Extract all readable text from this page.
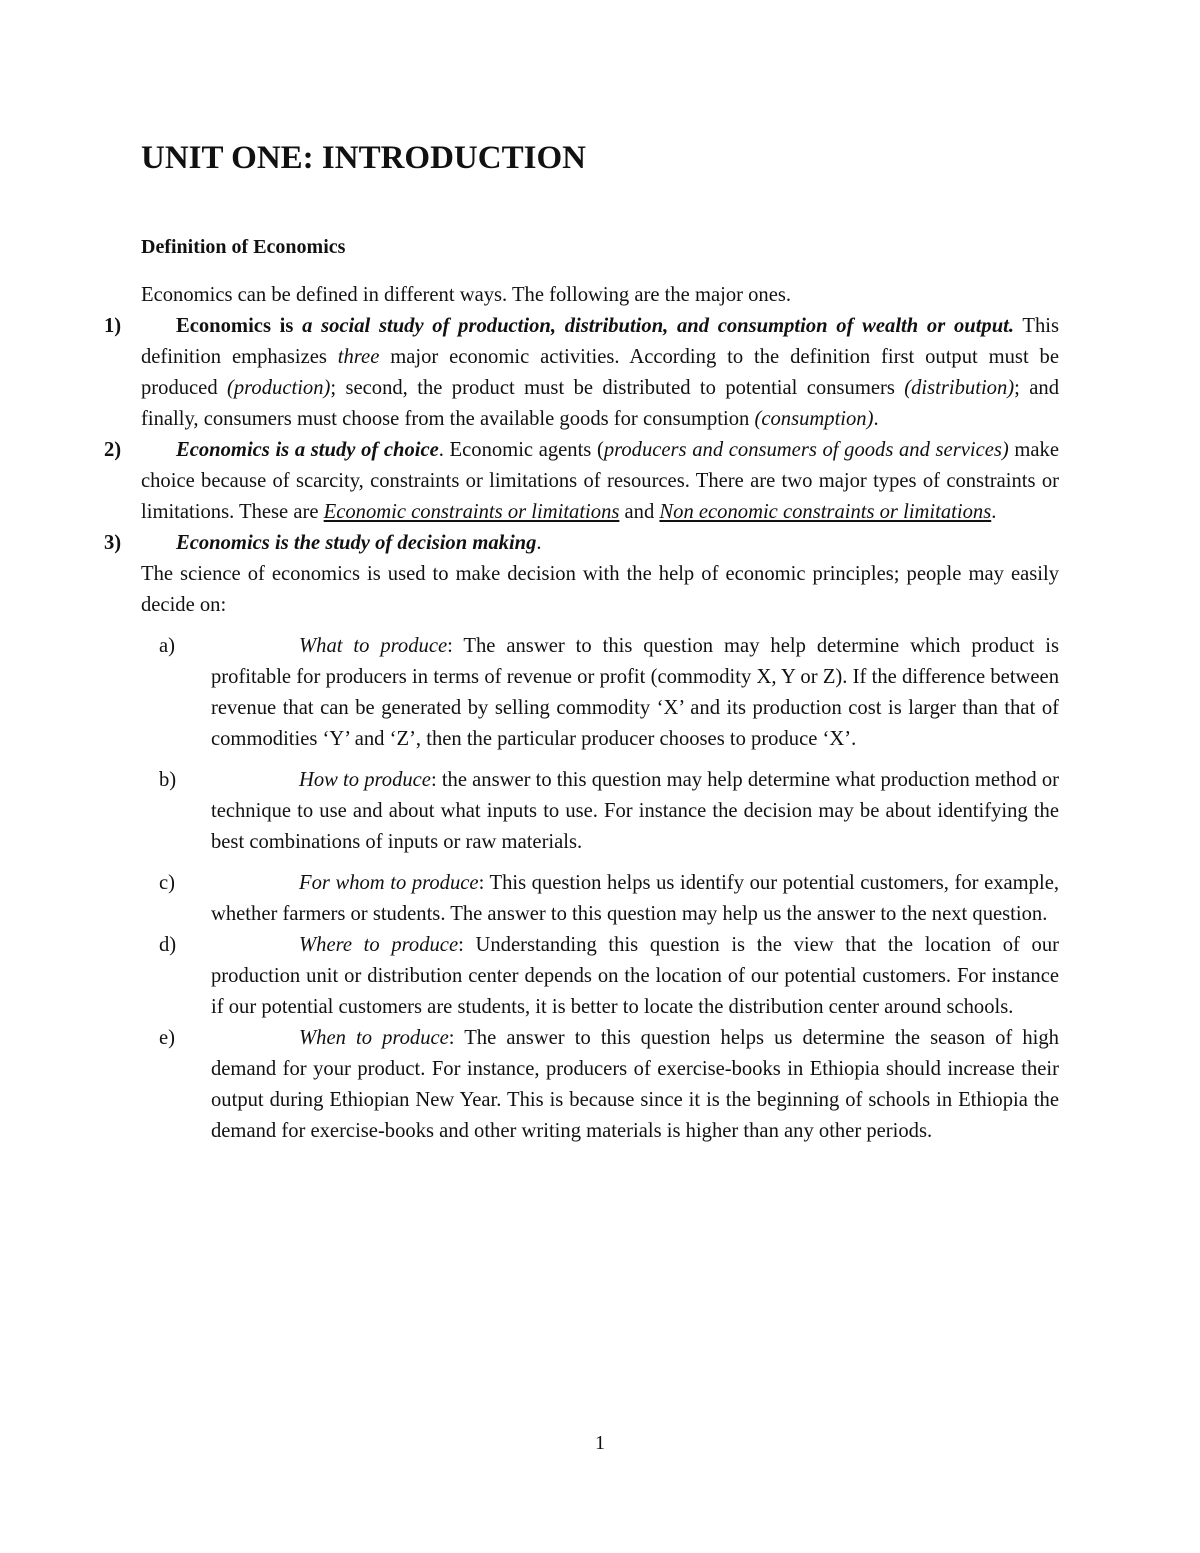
UNIT ONE: INTRODUCTION
Definition of Economics

Economics can be defined in different ways. The following are the major ones.

1)	Economics is a social study of production, distribution, and consumption of wealth or output. This definition emphasizes three major economic activities. According to the definition first output must be produced (production); second, the product must be distributed to potential consumers (distribution); and finally, consumers must choose from the available goods for consumption (consumption).

2)	Economics is a study of choice. Economic agents (producers and consumers of goods and services) make choice because of scarcity, constraints or limitations of resources. There are two major types of constraints or limitations. These are Economic constraints or limitations and Non economic constraints or limitations.

3)	Economics is the study of decision making.

The science of economics is used to make decision with the help of economic principles; people may easily decide on:

a)	What to produce: The answer to this question may help determine which product is profitable for producers in terms of revenue or profit (commodity X, Y or Z). If the difference between revenue that can be generated by selling commodity ‘X’ and its production cost is larger than that of commodities ‘Y’ and ‘Z’, then the particular producer chooses to produce ‘X’.

b)	How to produce: the answer to this question may help determine what production method or technique to use and about what inputs to use. For instance the decision may be about identifying the best combinations of inputs or raw materials.

c)	For whom to produce: This question helps us identify our potential customers, for example, whether farmers or students. The answer to this question may help us the answer to the next question.

d)	Where to produce: Understanding this question is the view that the location of our production unit or distribution center depends on the location of our potential customers. For instance if our potential customers are students, it is better to locate the distribution center around schools.

e)	When to produce: The answer to this question helps us determine the season of high demand for your product. For instance, producers of exercise-books in Ethiopia should increase their output during Ethiopian New Year. This is because since it is the beginning of schools in Ethiopia the demand for exercise-books and other writing materials is higher than any other periods.

1
